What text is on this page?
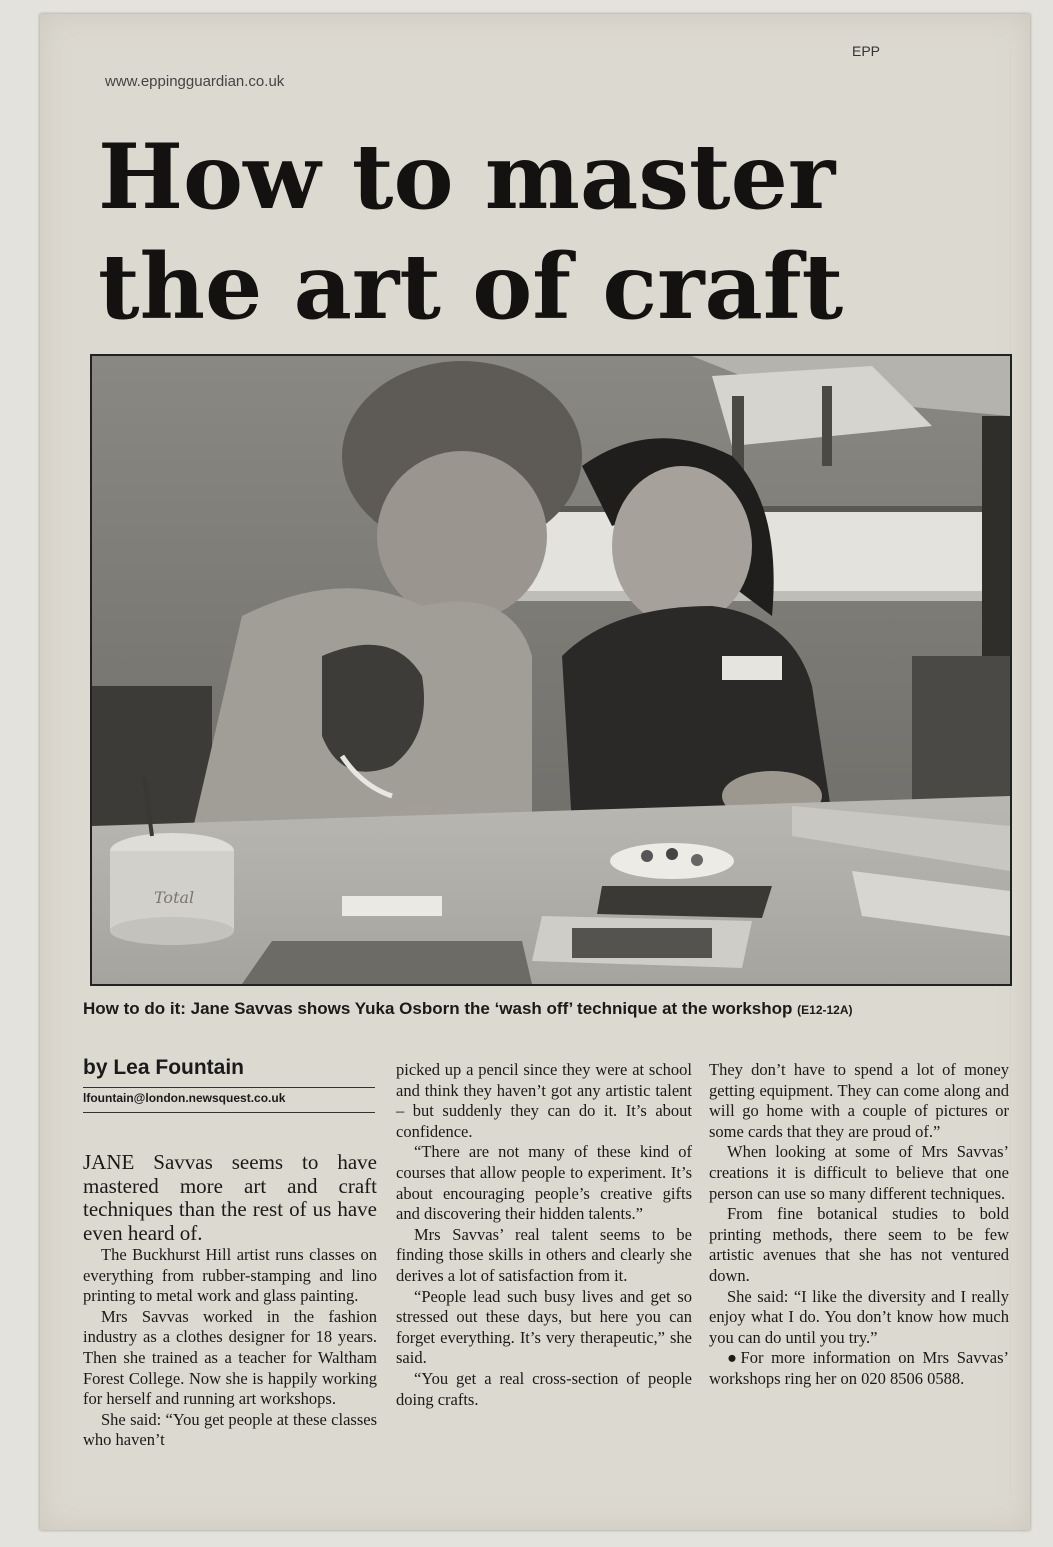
EPP
www.eppingguardian.co.uk
How to master the art of craft
Total
How to do it: Jane Savvas shows Yuka Osborn the ‘wash off’ technique at the workshop (E12-12A)
by Lea Fountain
lfountain@london.newsquest.co.uk

JANE Savvas seems to have mastered more art and craft techniques than the rest of us have even heard of.

The Buckhurst Hill artist runs classes on everything from rubber-stamping and lino printing to metal work and glass painting.

Mrs Savvas worked in the fashion industry as a clothes designer for 18 years. Then she trained as a teacher for Waltham Forest College. Now she is happily working for herself and running art workshops.

She said: “You get people at these classes who haven’t

picked up a pencil since they were at school and think they haven’t got any artistic talent – but suddenly they can do it. It’s about confidence.

“There are not many of these kind of courses that allow people to experiment. It’s about encouraging people’s creative gifts and discovering their hidden talents.”

Mrs Savvas’ real talent seems to be finding those skills in others and clearly she derives a lot of satisfaction from it.

“People lead such busy lives and get so stressed out these days, but here you can forget everything. It’s very therapeutic,” she said.

“You get a real cross-section of people doing crafts.

They don’t have to spend a lot of money getting equipment. They can come along and will go home with a couple of pictures or some cards that they are proud of.”

When looking at some of Mrs Savvas’ creations it is difficult to believe that one person can use so many different techniques.

From fine botanical studies to bold printing methods, there seem to be few artistic avenues that she has not ventured down.

She said: “I like the diversity and I really enjoy what I do. You don’t know how much you can do until you try.”

●For more information on Mrs Savvas’ workshops ring her on 020 8506 0588.
